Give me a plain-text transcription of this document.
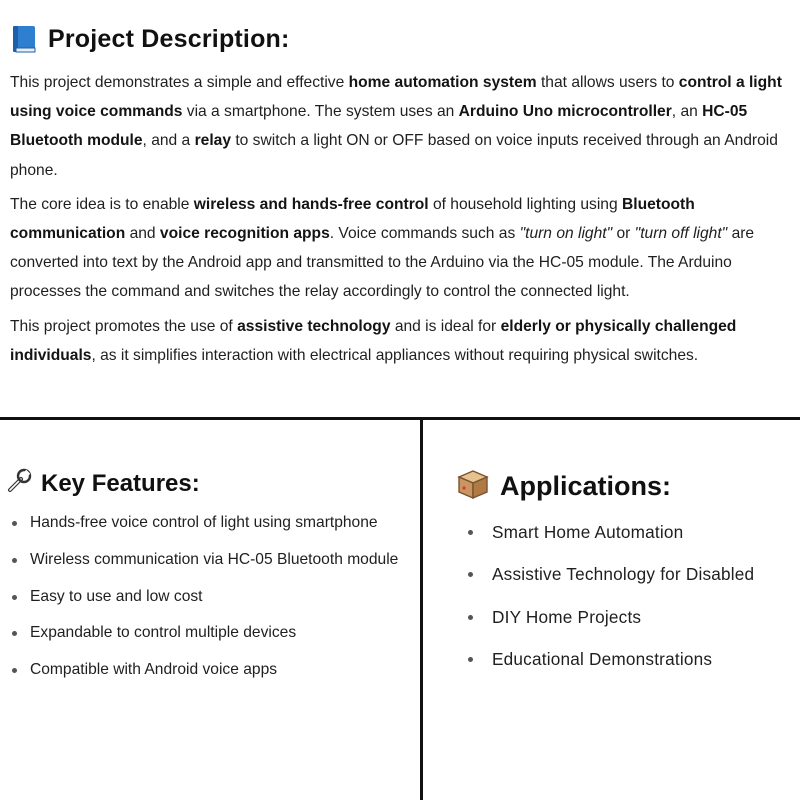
Project Description:

This project demonstrates a simple and effective home automation system that allows users to control a light using voice commands via a smartphone. The system uses an Arduino Uno microcontroller, an HC-05 Bluetooth module, and a relay to switch a light ON or OFF based on voice inputs received through an Android phone.

The core idea is to enable wireless and hands-free control of household lighting using Bluetooth communication and voice recognition apps. Voice commands such as "turn on light" or "turn off light" are converted into text by the Android app and transmitted to the Arduino via the HC-05 module. The Arduino processes the command and switches the relay accordingly to control the connected light.

This project promotes the use of assistive technology and is ideal for elderly or physically challenged individuals, as it simplifies interaction with electrical appliances without requiring physical switches.

Key Features:
Hands-free voice control of light using smartphone
Wireless communication via HC-05 Bluetooth module
Easy to use and low cost
Expandable to control multiple devices
Compatible with Android voice apps
Applications:
Smart Home Automation
Assistive Technology for Disabled
DIY Home Projects
Educational Demonstrations
